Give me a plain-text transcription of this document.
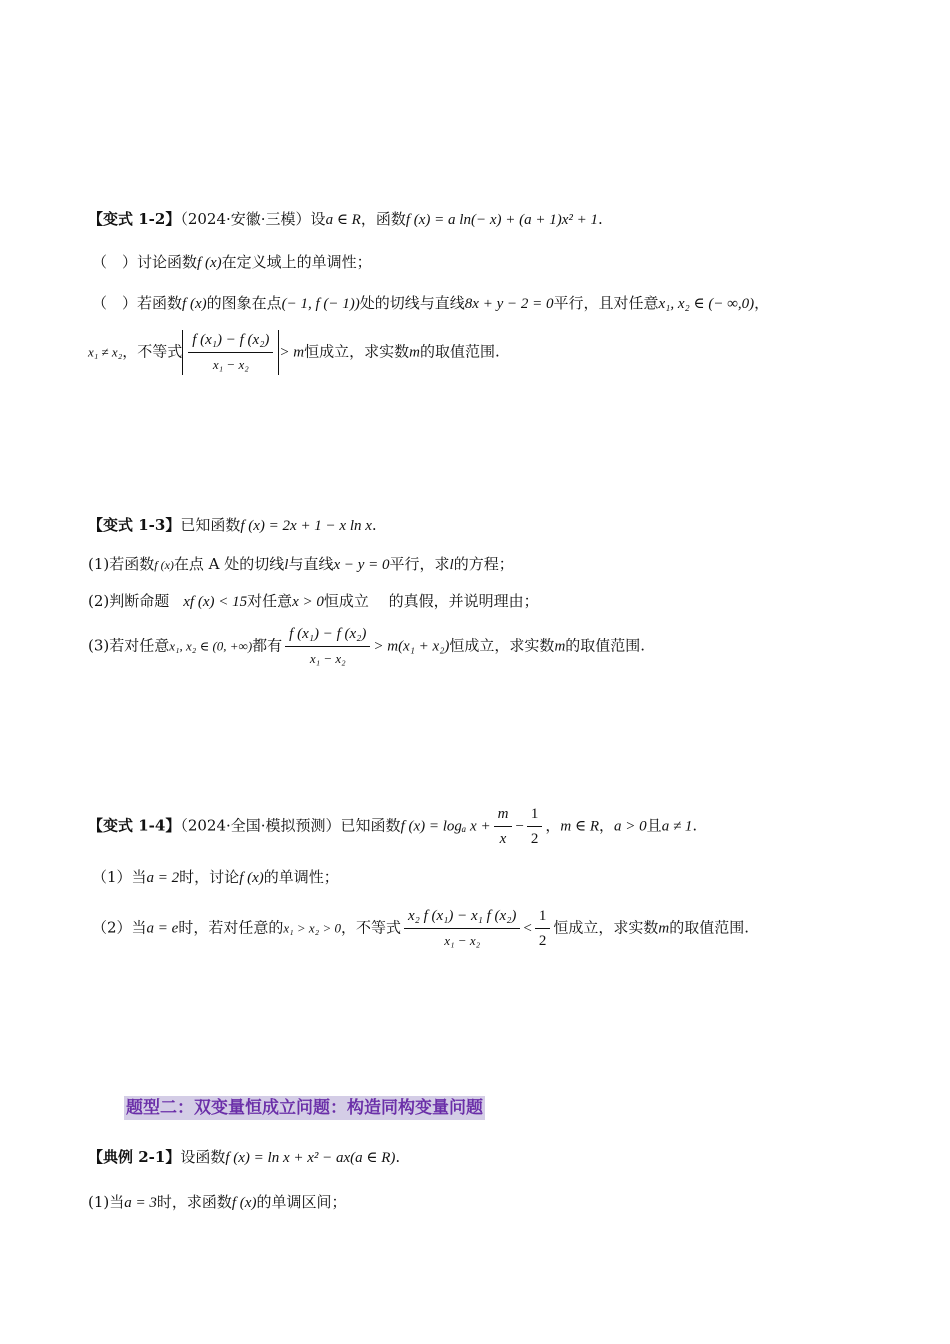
【变式 1-2】（2024·安徽·三模）设a ∈ R，函数f (x) = a ln(− x) + (a + 1)x² + 1.
（　）讨论函数f (x)在定义域上的单调性；
（　）若函数f (x)的图象在点(− 1, f (− 1))处的切线与直线8x + y − 2 = 0平行，且对任意x₁, x₂ ∈ (− ∞,0)，
x₁ ≠ x₂，不等式 $\frac{\text{f (x₁) − f (x₂)}}{\text{x₁ − x₂}} > m$恒成立，求实数m的取值范围.
【变式 1-3】已知函数f (x) = 2x + 1 − x ln x.
(1)若函数f (x)在点 A 处的切线l与直线x − y = 0平行，求l的方程；
(2)判断命题 xf (x) < 15对任意x > 0恒成立　 的真假，并说明理由；
(3)若对任意x₁, x₂ ∈ (0, +∞)都有 $\frac{\text{f (x₁) − f (x₂)}}{\text{x₁ − x₂}} > m(x_1 + x_2)$恒成立，求实数m的取值范围.
【变式 1-4】（2024·全国·模拟预测）已知函数f (x) = logₐ $x + \frac{m}{x} - \frac{1}{2}$ ，m ∈ R，a > 0且a ≠ 1.
（1）当a = 2时，讨论f (x)的单调性；
（2）当a = e时，若对任意的x₁ > x₂ > 0，不等式 $\frac{\text{x₂ f (x₁) − x₁ f (x₂)}}{\text{x₁ − x₂}} < \frac{1}{2}$ 恒成立，求实数m的取值范围.
题型二：双变量恒成立问题：构造同构变量问题
【典例 2-1】设函数f (x) = ln x + x² − ax(a ∈ R).
(1)当a = 3时，求函数f (x)的单调区间；
